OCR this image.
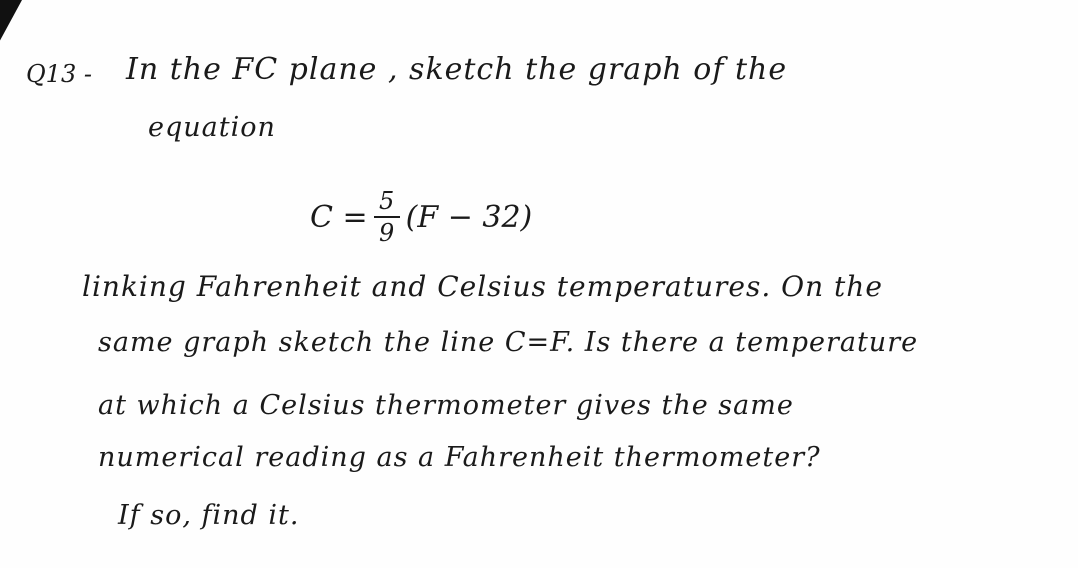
Q13 - In the FC plane , sketch the graph of the
equation
$C = \frac{5}{9} (F - 32)$
linking Fahrenheit and Celsius temperatures. On the
same graph sketch the line C=F. Is there a temperature
at which a Celsius thermometer gives the same
numerical reading as a Fahrenheit thermometer?
If so, find it.
